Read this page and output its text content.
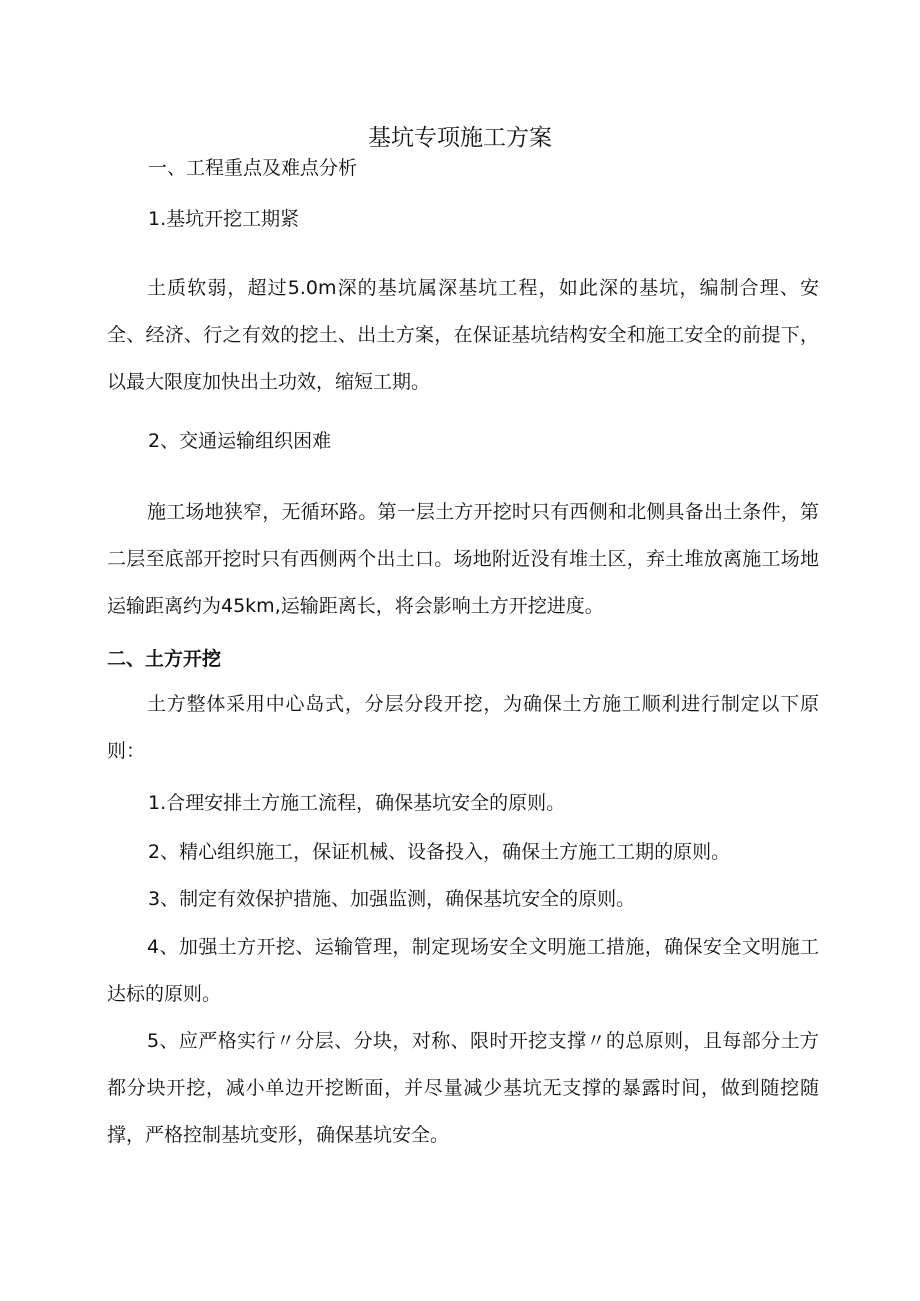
基坑专项施工方案

一、工程重点及难点分析

1.基坑开挖工期紧

土质软弱，超过5.0m深的基坑属深基坑工程，如此深的基坑，编制合理、安全、经济、行之有效的挖土、出土方案，在保证基坑结构安全和施工安全的前提下，以最大限度加快出土功效，缩短工期。

2、交通运输组织困难

施工场地狭窄，无循环路。第一层土方开挖时只有西侧和北侧具备出土条件，第二层至底部开挖时只有西侧两个出土口。场地附近没有堆土区，弃土堆放离施工场地运输距离约为45km,运输距离长，将会影响土方开挖进度。

二、土方开挖

土方整体采用中心岛式，分层分段开挖，为确保土方施工顺利进行制定以下原则：

1.合理安排土方施工流程，确保基坑安全的原则。

2、精心组织施工，保证机械、设备投入，确保土方施工工期的原则。

3、制定有效保护措施、加强监测，确保基坑安全的原则。

4、加强土方开挖、运输管理，制定现场安全文明施工措施，确保安全文明施工达标的原则。

5、应严格实行〃分层、分块，对称、限时开挖支撑〃的总原则，且每部分土方都分块开挖，减小单边开挖断面，并尽量减少基坑无支撑的暴露时间，做到随挖随撑，严格控制基坑变形，确保基坑安全。
